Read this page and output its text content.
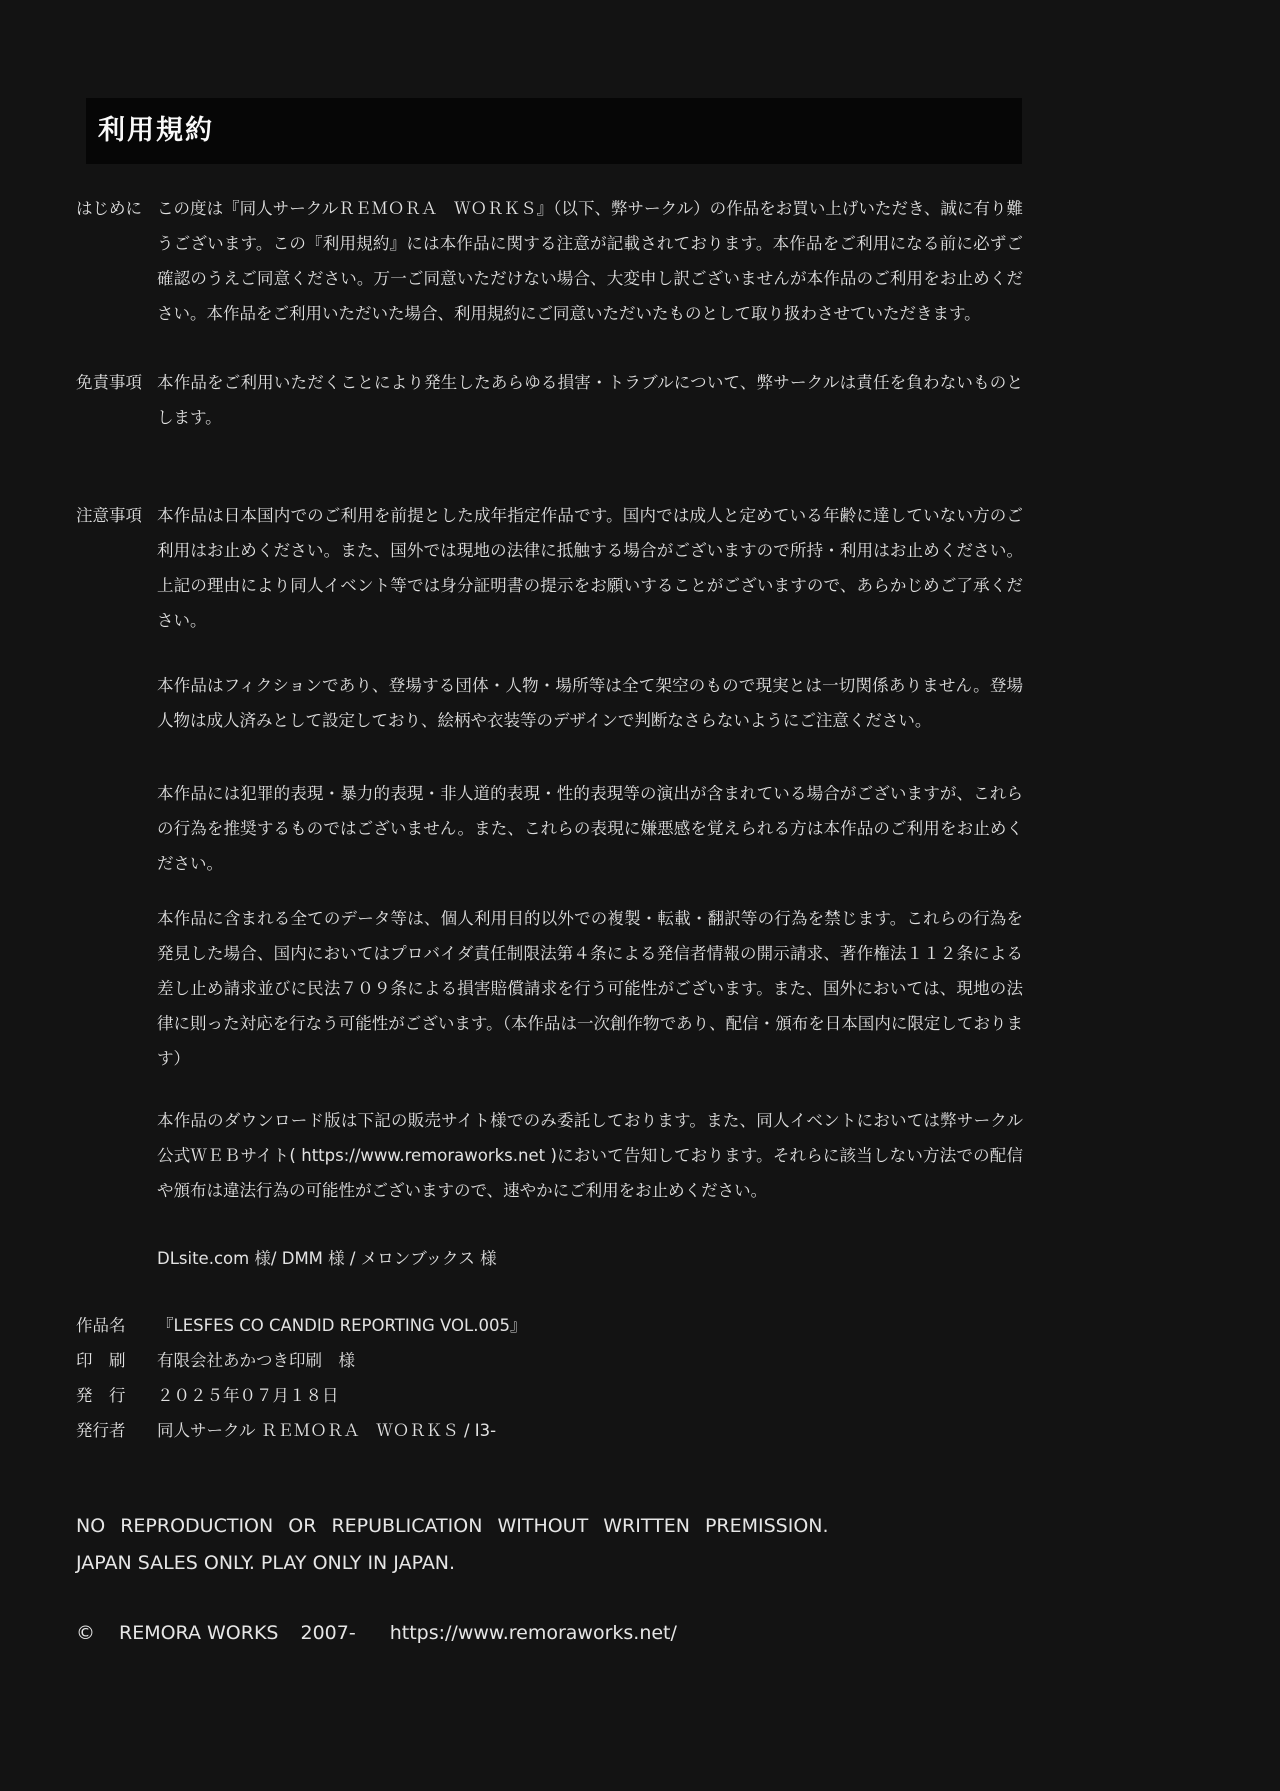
利用規約
はじめに この度は『同人サークルＲＥＭＯＲＡ　ＷＯＲＫＳ』（以下、弊サークル）の作品をお買い上げいただき、誠に有り難うございます。この『利用規約』には本作品に関する注意が記載されております。本作品をご利用になる前に必ずご確認のうえご同意ください。万一ご同意いただけない場合、大変申し訳ございませんが本作品のご利用をお止めください。本作品をご利用いただいた場合、利用規約にご同意いただいたものとして取り扱わさせていただきます。

免責事項 本作品をご利用いただくことにより発生したあらゆる損害・トラブルについて、弊サークルは責任を負わないものとします。

注意事項 本作品は日本国内でのご利用を前提とした成年指定作品です。国内では成人と定めている年齢に達していない方のご利用はお止めください。また、国外では現地の法律に抵触する場合がございますので所持・利用はお止めください。上記の理由により同人イベント等では身分証明書の提示をお願いすることがございますので、あらかじめご了承ください。

本作品はフィクションであり、登場する団体・人物・場所等は全て架空のもので現実とは一切関係ありません。登場人物は成人済みとして設定しており、絵柄や衣装等のデザインで判断なさらないようにご注意ください。

本作品には犯罪的表現・暴力的表現・非人道的表現・性的表現等の演出が含まれている場合がございますが、これらの行為を推奨するものではございません。また、これらの表現に嫌悪感を覚えられる方は本作品のご利用をお止めください。

本作品に含まれる全てのデータ等は、個人利用目的以外での複製・転載・翻訳等の行為を禁じます。これらの行為を発見した場合、国内においてはプロバイダ責任制限法第４条による発信者情報の開示請求、著作権法１１２条による差し止め請求並びに民法７０９条による損害賠償請求を行う可能性がございます。また、国外においては、現地の法律に則った対応を行なう可能性がございます。（本作品は一次創作物であり、配信・頒布を日本国内に限定しております）

本作品のダウンロード版は下記の販売サイト様でのみ委託しております。また、同人イベントにおいては弊サークル公式ＷＥＢサイト( https://www.remoraworks.net )において告知しております。それらに該当しない方法での配信や頒布は違法行為の可能性がございますので、速やかにご利用をお止めください。

DLsite.com 様/ DMM 様 / メロンブックス 様

作品名	『LESFES CO CANDID REPORTING VOL.005』
印　刷	有限会社あかつき印刷　様
発　行	２０２５年０７月１８日
発行者	同人サークル ＲＥＭＯＲＡ　ＷＯＲＫＳ / I3-
NO REPRODUCTION OR REPUBLICATION WITHOUT WRITTEN PREMISSION.
JAPAN SALES ONLY. PLAY ONLY IN JAPAN.
© REMORA WORKS 2007- https://www.remoraworks.net/
